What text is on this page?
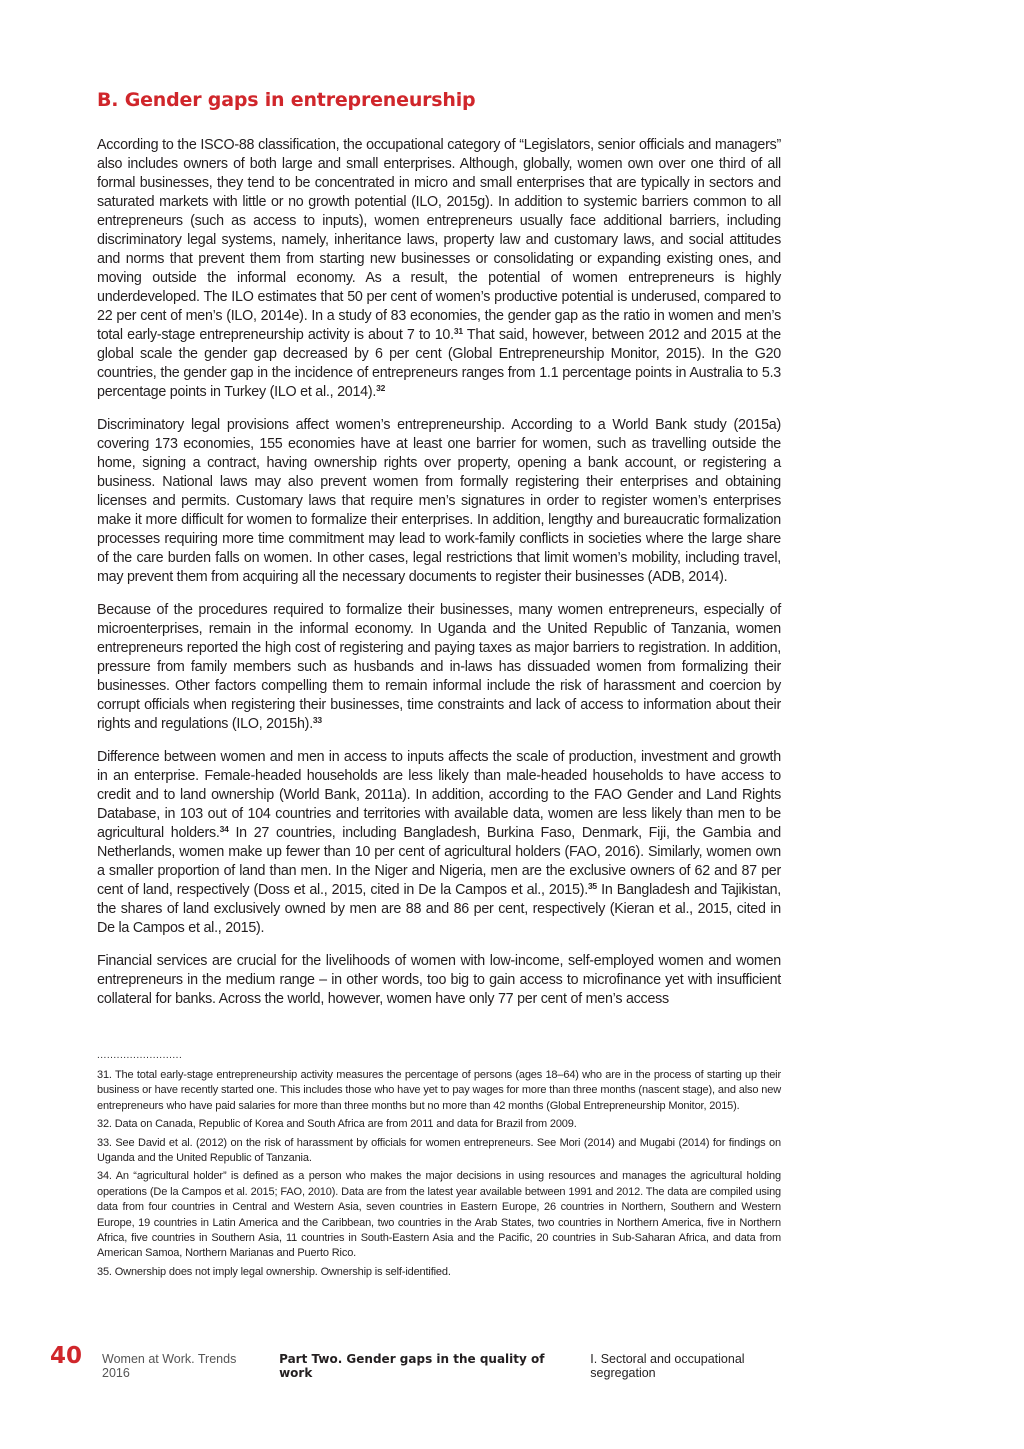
B. Gender gaps in entrepreneurship

According to the ISCO-88 classification, the occupational category of “Legislators, senior officials and managers” also includes owners of both large and small enterprises. Although, globally, women own over one third of all formal businesses, they tend to be concentrated in micro and small enterprises that are typically in sectors and saturated markets with little or no growth potential (ILO, 2015g). In addition to systemic barriers common to all entrepreneurs (such as access to inputs), women entrepreneurs usually face additional barriers, including discriminatory legal systems, namely, inheritance laws, property law and customary laws, and social attitudes and norms that prevent them from starting new businesses or consolidating or expanding existing ones, and moving outside the informal economy. As a result, the potential of women entrepreneurs is highly underdeveloped. The ILO estimates that 50 per cent of women’s productive potential is underused, compared to 22 per cent of men’s (ILO, 2014e). In a study of 83 economies, the gender gap as the ratio in women and men’s total early-stage entrepreneurship activity is about 7 to 10.31 That said, however, between 2012 and 2015 at the global scale the gender gap decreased by 6 per cent (Global Entrepreneurship Monitor, 2015). In the G20 countries, the gender gap in the incidence of entrepreneurs ranges from 1.1 percentage points in Australia to 5.3 percentage points in Turkey (ILO et al., 2014).$^{32}$

Discriminatory legal provisions affect women’s entrepreneurship. According to a World Bank study (2015a) covering 173 economies, 155 economies have at least one barrier for women, such as travelling outside the home, signing a contract, having ownership rights over property, opening a bank account, or registering a business. National laws may also prevent women from formally registering their enterprises and obtaining licenses and permits. Customary laws that require men’s signatures in order to register women’s enterprises make it more difficult for women to formalize their enterprises. In addition, lengthy and bureaucratic formalization processes requiring more time commitment may lead to work-family conflicts in societies where the large share of the care burden falls on women. In other cases, legal restrictions that limit women’s mobility, including travel, may prevent them from acquiring all the necessary documents to register their businesses (ADB, 2014).

Because of the procedures required to formalize their businesses, many women entrepreneurs, especially of microenterprises, remain in the informal economy. In Uganda and the United Republic of Tanzania, women entrepreneurs reported the high cost of registering and paying taxes as major barriers to registration. In addition, pressure from family members such as husbands and in-laws has dissuaded women from formalizing their businesses. Other factors compelling them to remain informal include the risk of harassment and coercion by corrupt officials when registering their businesses, time constraints and lack of access to information about their rights and regulations (ILO, 2015h).$^{33}$

Difference between women and men in access to inputs affects the scale of production, investment and growth in an enterprise. Female-headed households are less likely than male-headed households to have access to credit and to land ownership (World Bank, 2011a). In addition, according to the FAO Gender and Land Rights Database, in 103 out of 104 countries and territories with available data, women are less likely than men to be agricultural holders.$^{34}$ In 27 countries, including Bangladesh, Burkina Faso, Denmark, Fiji, the Gambia and Netherlands, women make up fewer than 10 per cent of agricultural holders (FAO, 2016). Similarly, women own a smaller proportion of land than men. In the Niger and Nigeria, men are the exclusive owners of 62 and 87 per cent of land, respectively (Doss et al., 2015, cited in De la Campos et al., 2015).$^{35}$ In Bangladesh and Tajikistan, the shares of land exclusively owned by men are 88 and 86 per cent, respectively (Kieran et al., 2015, cited in De la Campos et al., 2015).

Financial services are crucial for the livelihoods of women with low-income, self-employed women and women entrepreneurs in the medium range – in other words, too big to gain access to microfinance yet with insufficient collateral for banks. Across the world, however, women have only 77 per cent of men’s access

..........................

31. The total early-stage entrepreneurship activity measures the percentage of persons (ages 18–64) who are in the process of starting up their business or have recently started one. This includes those who have yet to pay wages for more than three months (nascent stage), and also new entrepreneurs who have paid salaries for more than three months but no more than 42 months (Global Entrepreneurship Monitor, 2015).

32. Data on Canada, Republic of Korea and South Africa are from 2011 and data for Brazil from 2009.

33. See David et al. (2012) on the risk of harassment by officials for women entrepreneurs. See Mori (2014) and Mugabi (2014) for findings on Uganda and the United Republic of Tanzania.

34. An “agricultural holder” is defined as a person who makes the major decisions in using resources and manages the agricultural holding operations (De la Campos et al. 2015; FAO, 2010). Data are from the latest year available between 1991 and 2012. The data are compiled using data from four countries in Central and Western Asia, seven countries in Eastern Europe, 26 countries in Northern, Southern and Western Europe, 19 countries in Latin America and the Caribbean, two countries in the Arab States, two countries in Northern America, five in Northern Africa, five countries in Southern Asia, 11 countries in South-Eastern Asia and the Pacific, 20 countries in Sub-Saharan Africa, and data from American Samoa, Northern Marianas and Puerto Rico.

35. Ownership does not imply legal ownership. Ownership is self-identified.

40 Women at Work. Trends 2016
Part Two. Gender gaps in the quality of work
I. Sectoral and occupational segregation
